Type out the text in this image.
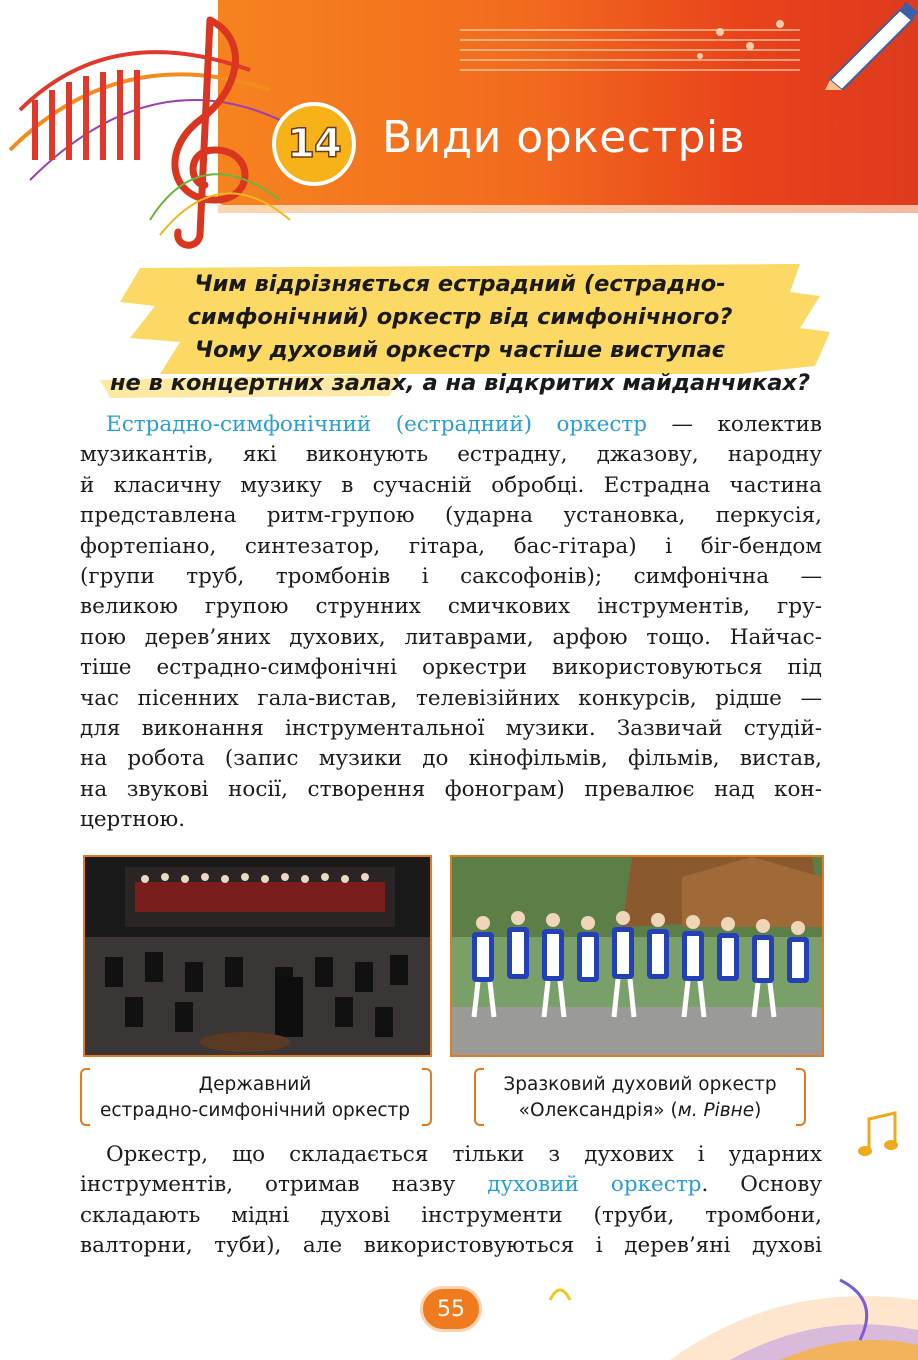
14 Види оркестрів
Чим відрізняється естрадний (естрадно-
симфонічний) оркестр від симфонічного?
Чому духовий оркестр частіше виступає
не в концертних залах, а на відкритих майданчиках?
Естрадно-симфонічний (естрадний) оркестр — колектив
музикантів, які виконують естрадну, джазову, народну
й класичну музику в сучасній обробці. Естрадна частина
представлена ритм-групою (ударна установка, перкусія,
фортепіано, синтезатор, гітара, бас-гітара) і біг-бендом
(групи труб, тромбонів і саксофонів); симфонічна —
великою групою струнних смичкових інструментів, гру-
пою дерев’яних духових, литаврами, арфою тощо. Найчас-
тіше естрадно-симфонічні оркестри використовуються під
час пісенних гала-вистав, телевізійних конкурсів, рідше —
для виконання інструментальної музики. Зазвичай студій-
на робота (запис музики до кінофільмів, фільмів, вистав,
на звукові носії, створення фонограм) превалює над кон-
цертною.
Державний
естрадно-симфонічний оркестр
Зразковий духовий оркестр
«Олександрія» (м. Рівне)
Оркестр, що складається тільки з духових і ударних
інструментів, отримав назву духовий оркестр. Основу
складають мідні духові інструменти (труби, тромбони,
валторни, туби), але використовуються і дерев’яні духові
55
